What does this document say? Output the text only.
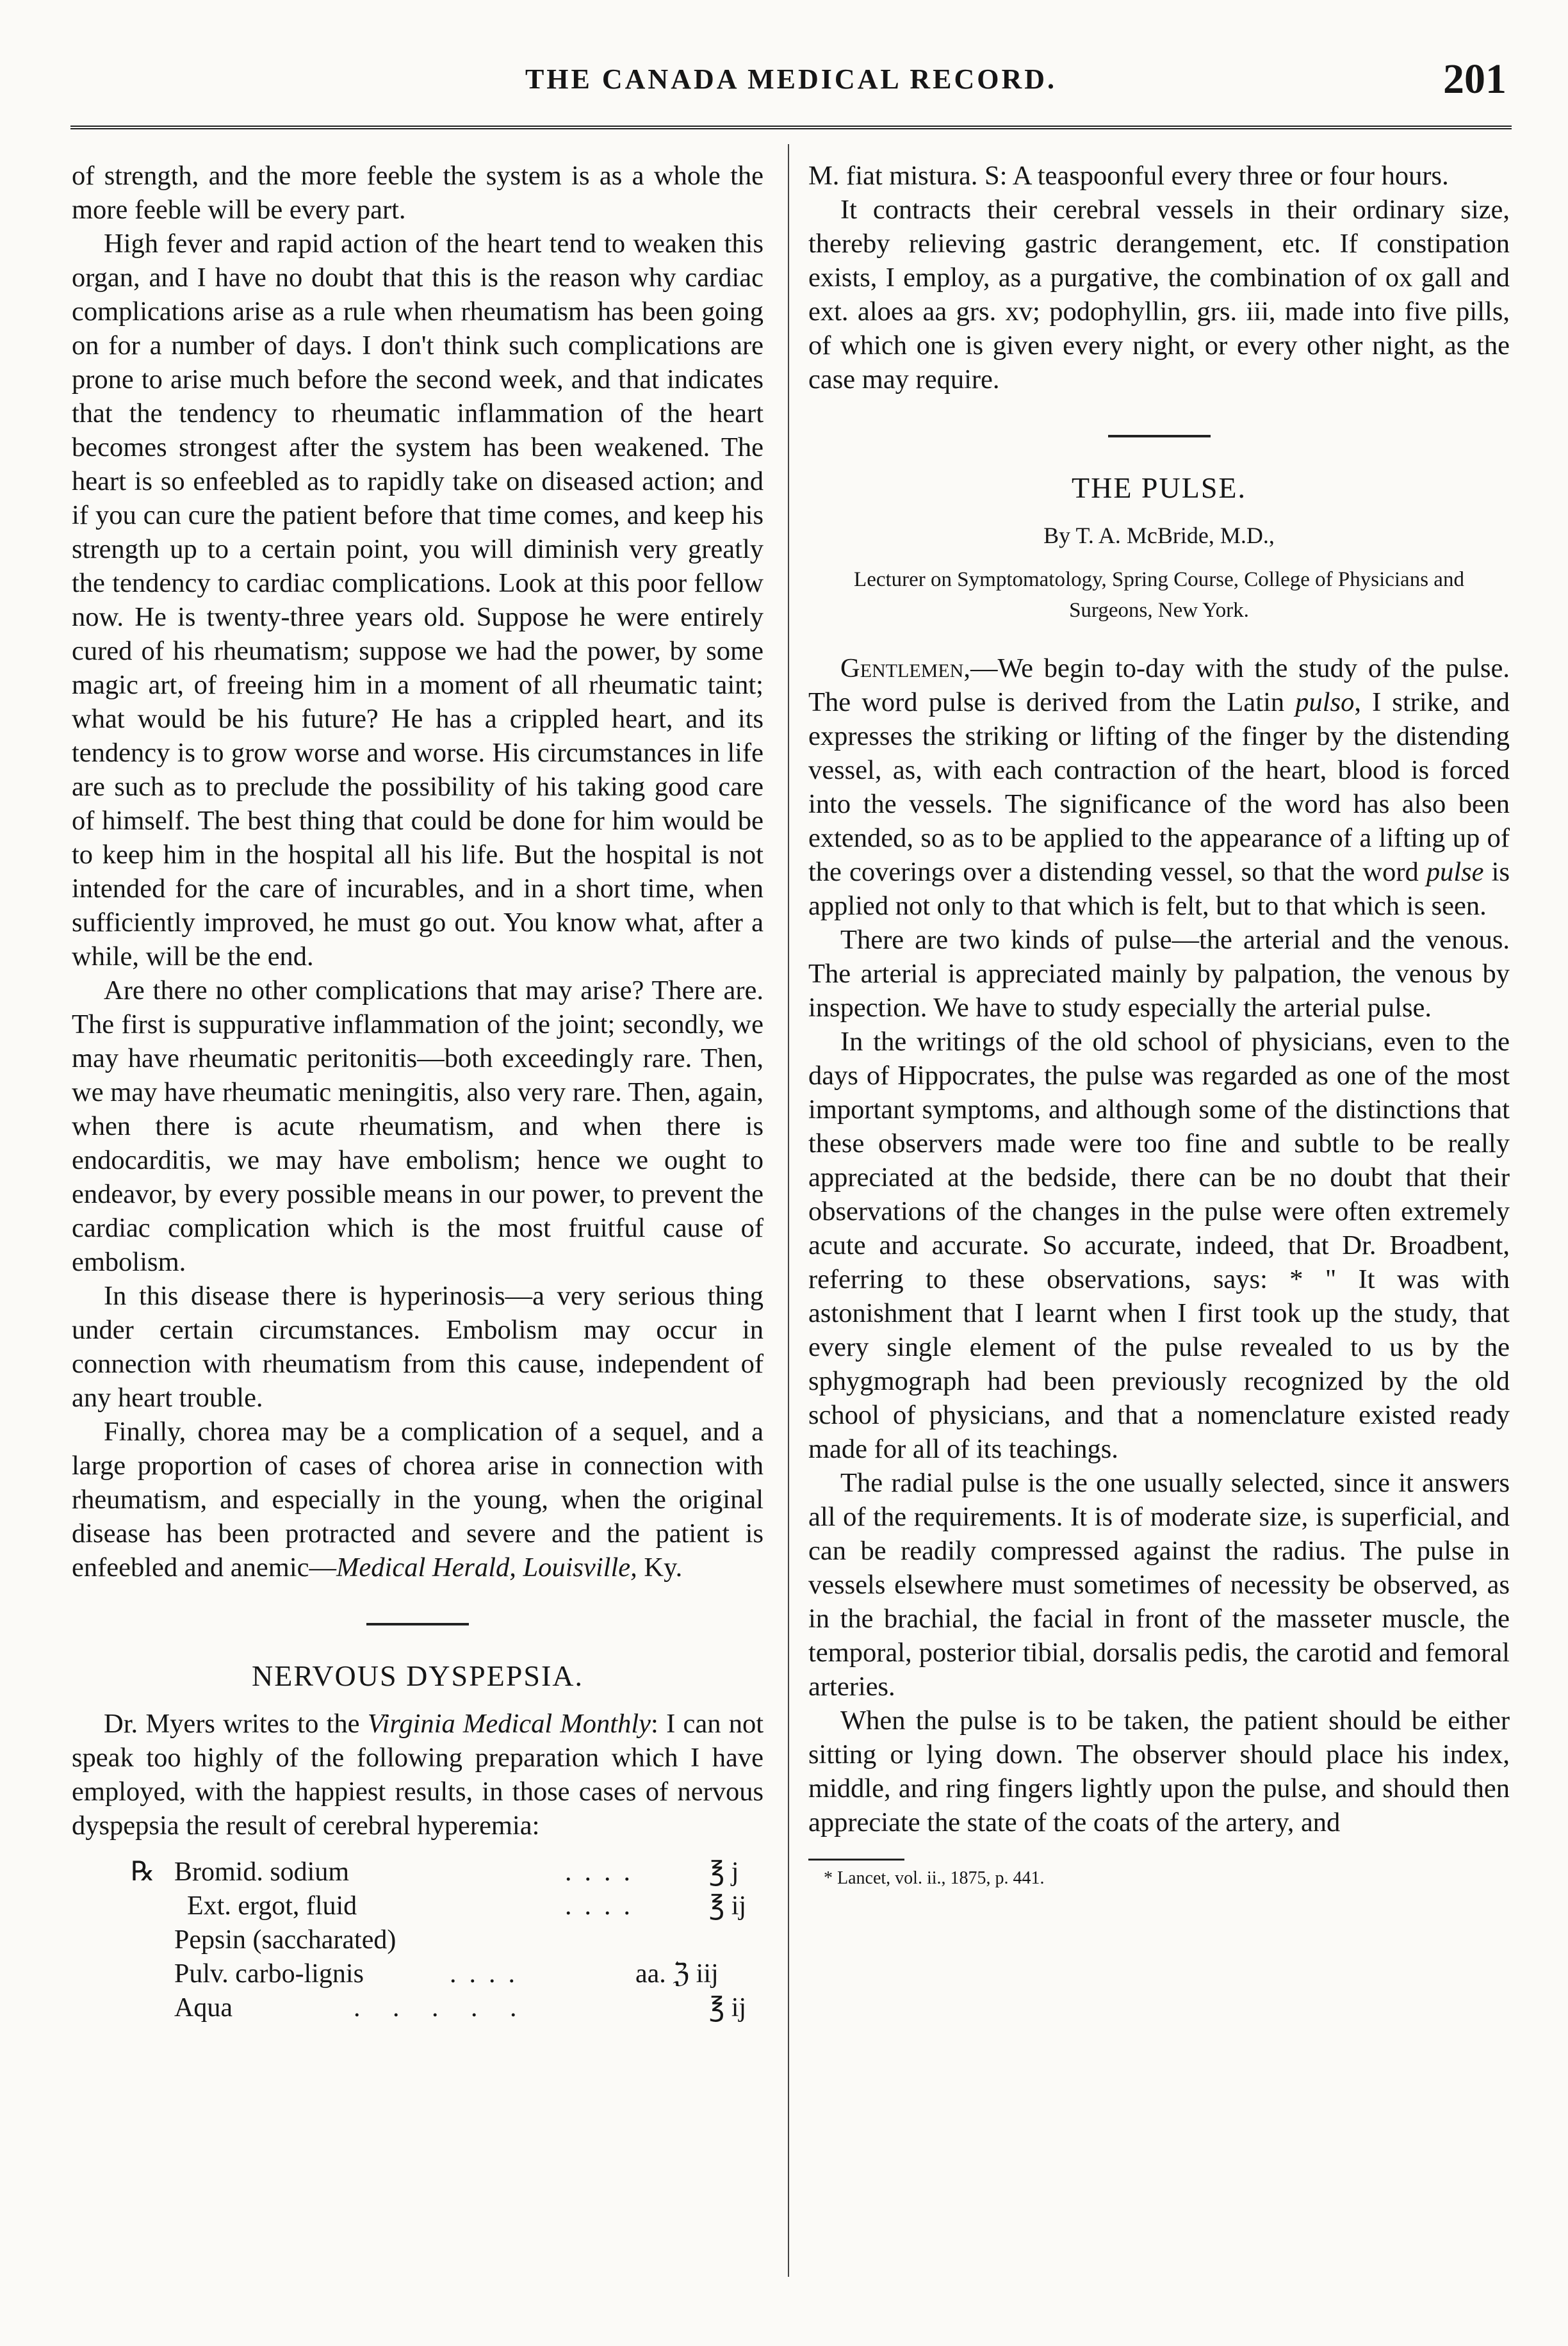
THE CANADA MEDICAL RECORD.	201

of strength, and the more feeble the system is as a whole the more feeble will be every part.

High fever and rapid action of the heart tend to weaken this organ, and I have no doubt that this is the reason why cardiac complications arise as a rule when rheumatism has been going on for a number of days. I don't think such complications are prone to arise much before the second week, and that indicates that the tendency to rheumatic inflammation of the heart becomes strongest after the system has been weakened. The heart is so enfeebled as to rapidly take on diseased action; and if you can cure the patient before that time comes, and keep his strength up to a certain point, you will diminish very greatly the tendency to cardiac complications. Look at this poor fellow now. He is twenty-three years old. Suppose he were entirely cured of his rheumatism; suppose we had the power, by some magic art, of freeing him in a moment of all rheumatic taint; what would be his future? He has a crippled heart, and its tendency is to grow worse and worse. His circumstances in life are such as to preclude the possibility of his taking good care of himself. The best thing that could be done for him would be to keep him in the hospital all his life. But the hospital is not intended for the care of incurables, and in a short time, when sufficiently improved, he must go out. You know what, after a while, will be the end.

Are there no other complications that may arise? There are. The first is suppurative inflammation of the joint; secondly, we may have rheumatic peritonitis—both exceedingly rare. Then, we may have rheumatic meningitis, also very rare. Then, again, when there is acute rheumatism, and when there is endocarditis, we may have embolism; hence we ought to endeavor, by every possible means in our power, to prevent the cardiac complication which is the most fruitful cause of embolism.

In this disease there is hyperinosis—a very serious thing under certain circumstances. Embolism may occur in connection with rheumatism from this cause, independent of any heart trouble.

Finally, chorea may be a complication of a sequel, and a large proportion of cases of chorea arise in connection with rheumatism, and especially in the young, when the original disease has been protracted and severe and the patient is enfeebled and anemic—Medical Herald, Louisville, Ky.

NERVOUS DYSPEPSIA.

Dr. Myers writes to the Virginia Medical Monthly: I can not speak too highly of the following preparation which I have employed, with the happiest results, in those cases of nervous dyspepsia the result of cerebral hyperemia:

℞ Bromid. sodium	.... ℥ j
Ext. ergot, fluid	.... ℥ ij
Pepsin (saccharated)
Pulv. carbo-lignis	....	aa. ℨ iij
Aqua	. . . . .	℥ ij

M. fiat mistura. S: A teaspoonful every three or four hours.

It contracts their cerebral vessels in their ordinary size, thereby relieving gastric derangement, etc. If constipation exists, I employ, as a purgative, the combination of ox gall and ext. aloes aa grs. xv; podophyllin, grs. iii, made into five pills, of which one is given every night, or every other night, as the case may require.

THE PULSE.
By T. A. McBride, M.D.,
Lecturer on Symptomatology, Spring Course, College of Physicians and Surgeons, New York.

Gentlemen,—We begin to-day with the study of the pulse. The word pulse is derived from the Latin pulso, I strike, and expresses the striking or lifting of the finger by the distending vessel, as, with each contraction of the heart, blood is forced into the vessels. The significance of the word has also been extended, so as to be applied to the appearance of a lifting up of the coverings over a distending vessel, so that the word pulse is applied not only to that which is felt, but to that which is seen.

There are two kinds of pulse—the arterial and the venous. The arterial is appreciated mainly by palpation, the venous by inspection. We have to study especially the arterial pulse.

In the writings of the old school of physicians, even to the days of Hippocrates, the pulse was regarded as one of the most important symptoms, and although some of the distinctions that these observers made were too fine and subtle to be really appreciated at the bedside, there can be no doubt that their observations of the changes in the pulse were often extremely acute and accurate. So accurate, indeed, that Dr. Broadbent, referring to these observations, says: * " It was with astonishment that I learnt when I first took up the study, that every single element of the pulse revealed to us by the sphygmograph had been previously recognized by the old school of physicians, and that a nomenclature existed ready made for all of its teachings.

The radial pulse is the one usually selected, since it answers all of the requirements. It is of moderate size, is superficial, and can be readily compressed against the radius. The pulse in vessels elsewhere must sometimes of necessity be observed, as in the brachial, the facial in front of the masseter muscle, the temporal, posterior tibial, dorsalis pedis, the carotid and femoral arteries.

When the pulse is to be taken, the patient should be either sitting or lying down. The observer should place his index, middle, and ring fingers lightly upon the pulse, and should then appreciate the state of the coats of the artery, and

* Lancet, vol. ii., 1875, p. 441.
